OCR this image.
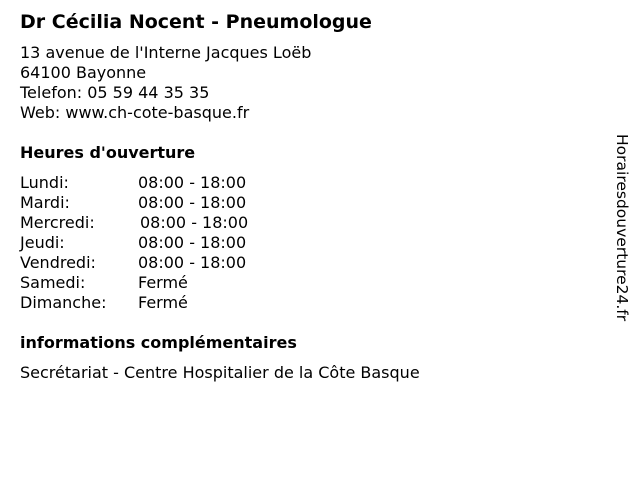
Dr Cécilia Nocent - Pneumologue
13 avenue de l'Interne Jacques Loëb
64100 Bayonne
Telefon: 05 59 44 35 35
Web: www.ch-cote-basque.fr
Heures d'ouverture
Lundi:	08:00 - 18:00
Mardi:	08:00 - 18:00
Mercredi:	08:00 - 18:00
Jeudi:	08:00 - 18:00
Vendredi:	08:00 - 18:00
Samedi:	Fermé
Dimanche:	Fermé
informations complémentaires
Secrétariat - Centre Hospitalier de la Côte Basque
Horairesdouverture24.fr
